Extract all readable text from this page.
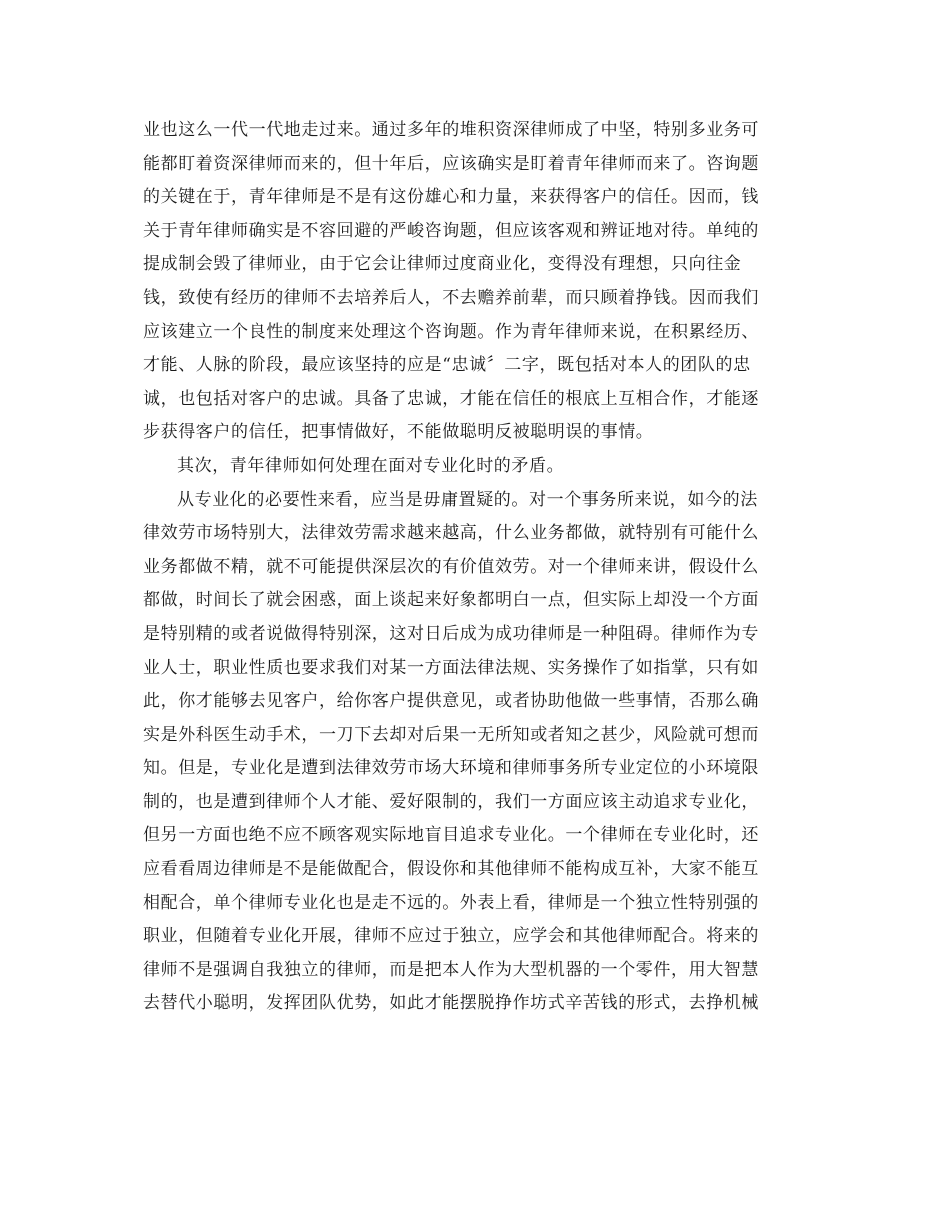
业也这么一代一代地走过来。通过多年的堆积资深律师成了中坚，特别多业务可
能都盯着资深律师而来的，但十年后，应该确实是盯着青年律师而来了。咨询题
的关键在于，青年律师是不是有这份雄心和力量，来获得客户的信任。因而，钱
关于青年律师确实是不容回避的严峻咨询题，但应该客观和辨证地对待。单纯的
提成制会毁了律师业，由于它会让律师过度商业化，变得没有理想，只向往金
钱，致使有经历的律师不去培养后人，不去赡养前辈，而只顾着挣钱。因而我们
应该建立一个良性的制度来处理这个咨询题。作为青年律师来说，在积累经历、
才能、人脉的阶段，最应该坚持的应是“忠诚〞二字，既包括对本人的团队的忠
诚，也包括对客户的忠诚。具备了忠诚，才能在信任的根底上互相合作，才能逐
步获得客户的信任，把事情做好，不能做聪明反被聪明误的事情。
其次，青年律师如何处理在面对专业化时的矛盾。
从专业化的必要性来看，应当是毋庸置疑的。对一个事务所来说，如今的法
律效劳市场特别大，法律效劳需求越来越高，什么业务都做，就特别有可能什么
业务都做不精，就不可能提供深层次的有价值效劳。对一个律师来讲，假设什么
都做，时间长了就会困惑，面上谈起来好象都明白一点，但实际上却没一个方面
是特别精的或者说做得特别深，这对日后成为成功律师是一种阻碍。律师作为专
业人士，职业性质也要求我们对某一方面法律法规、实务操作了如指掌，只有如
此，你才能够去见客户，给你客户提供意见，或者协助他做一些事情，否那么确
实是外科医生动手术，一刀下去却对后果一无所知或者知之甚少，风险就可想而
知。但是，专业化是遭到法律效劳市场大环境和律师事务所专业定位的小环境限
制的，也是遭到律师个人才能、爱好限制的，我们一方面应该主动追求专业化，
但另一方面也绝不应不顾客观实际地盲目追求专业化。一个律师在专业化时，还
应看看周边律师是不是能做配合，假设你和其他律师不能构成互补，大家不能互
相配合，单个律师专业化也是走不远的。外表上看，律师是一个独立性特别强的
职业，但随着专业化开展，律师不应过于独立，应学会和其他律师配合。将来的
律师不是强调自我独立的律师，而是把本人作为大型机器的一个零件，用大智慧
去替代小聪明，发挥团队优势，如此才能摆脱挣作坊式辛苦钱的形式，去挣机械
